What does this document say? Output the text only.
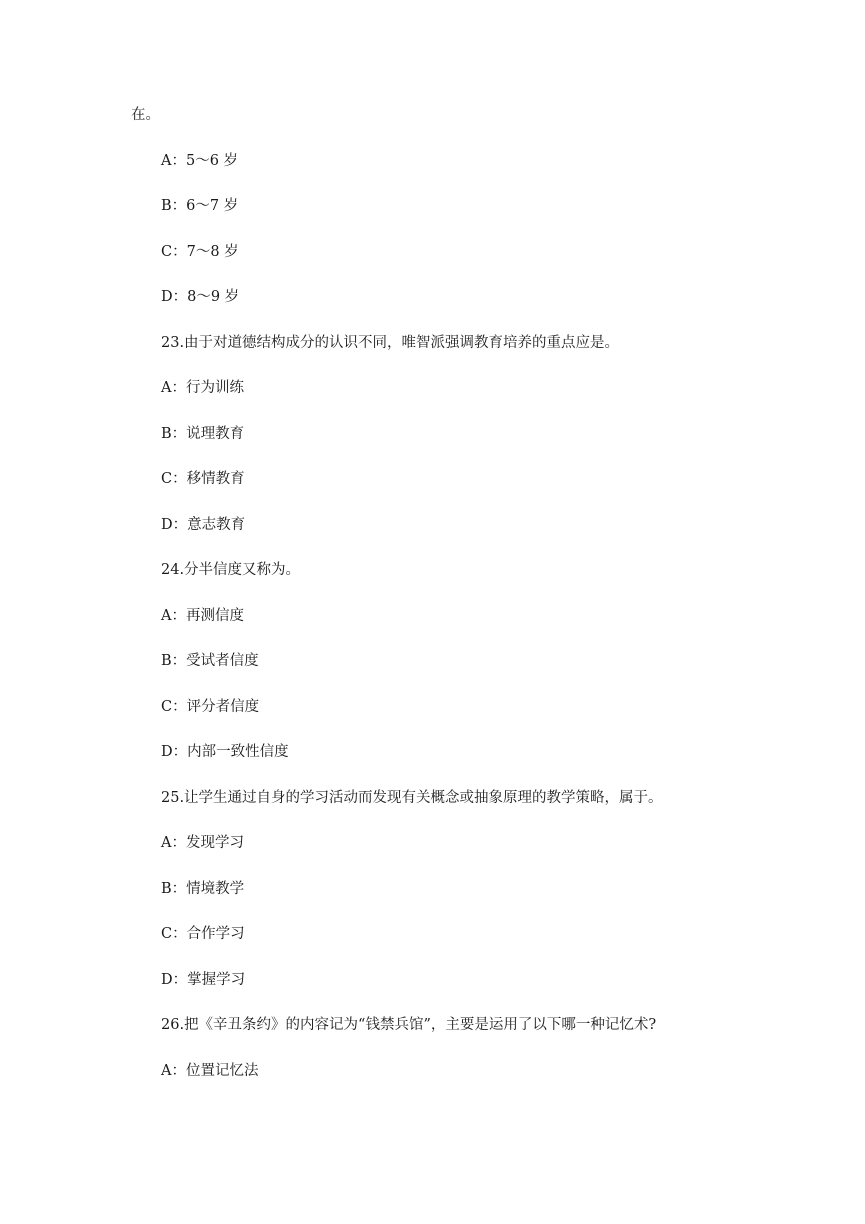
在。
A：5～6 岁
B：6～7 岁
C：7～8 岁
D：8～9 岁
23.由于对道德结构成分的认识不同，唯智派强调教育培养的重点应是。
A：行为训练
B：说理教育
C：移情教育
D：意志教育
24.分半信度又称为。
A：再测信度
B：受试者信度
C：评分者信度
D：内部一致性信度
25.让学生通过自身的学习活动而发现有关概念或抽象原理的教学策略，属于。
A：发现学习
B：情境教学
C：合作学习
D：掌握学习
26.把《辛丑条约》的内容记为“钱禁兵馆”，主要是运用了以下哪一种记忆术?
A：位置记忆法
